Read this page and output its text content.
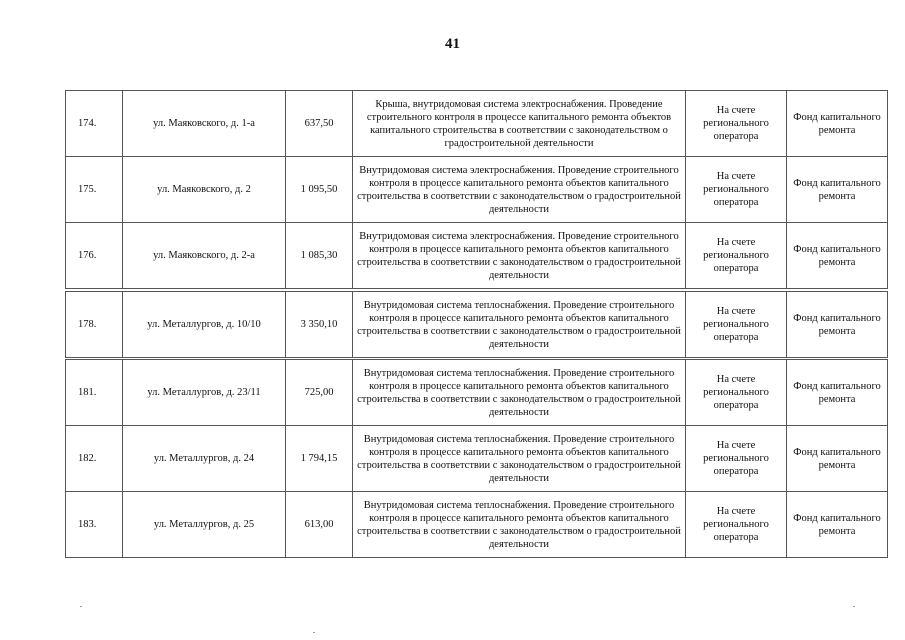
41
174.	ул. Маяковского, д. 1-а	637,50	Крыша, внутридомовая система электроснабжения. Проведение строительного контроля в процессе капитального ремонта объектов капитального строительства в соответствии с законодательством о градостроительной деятельности	На счете регионального оператора	Фонд капитального ремонта
175.	ул. Маяковского, д. 2	1 095,50	Внутридомовая система электроснабжения. Проведение строительного контроля в процессе капитального ремонта объектов капитального строительства в соответствии с законодательством о градостроительной деятельности	На счете регионального оператора	Фонд капитального ремонта
176.	ул. Маяковского, д. 2-а	1 085,30	Внутридомовая система электроснабжения. Проведение строительного контроля в процессе капитального ремонта объектов капитального строительства в соответствии с законодательством о градостроительной деятельности	На счете регионального оператора	Фонд капитального ремонта
178.	ул. Металлургов, д. 10/10	3 350,10	Внутридомовая система теплоснабжения. Проведение строительного контроля в процессе капитального ремонта объектов капитального строительства в соответствии с законодательством о градостроительной деятельности	На счете регионального оператора	Фонд капитального ремонта
181.	ул. Металлургов, д. 23/11	725,00	Внутридомовая система теплоснабжения. Проведение строительного контроля в процессе капитального ремонта объектов капитального строительства в соответствии с законодательством о градостроительной деятельности	На счете регионального оператора	Фонд капитального ремонта
182.	ул. Металлургов, д. 24	1 794,15	Внутридомовая система теплоснабжения. Проведение строительного контроля в процессе капитального ремонта объектов капитального строительства в соответствии с законодательством о градостроительной деятельности	На счете регионального оператора	Фонд капитального ремонта
183.	ул. Металлургов, д. 25	613,00	Внутридомовая система теплоснабжения. Проведение строительного контроля в процессе капитального ремонта объектов капитального строительства в соответствии с законодательством о градостроительной деятельности	На счете регионального оператора	Фонд капитального ремонта
